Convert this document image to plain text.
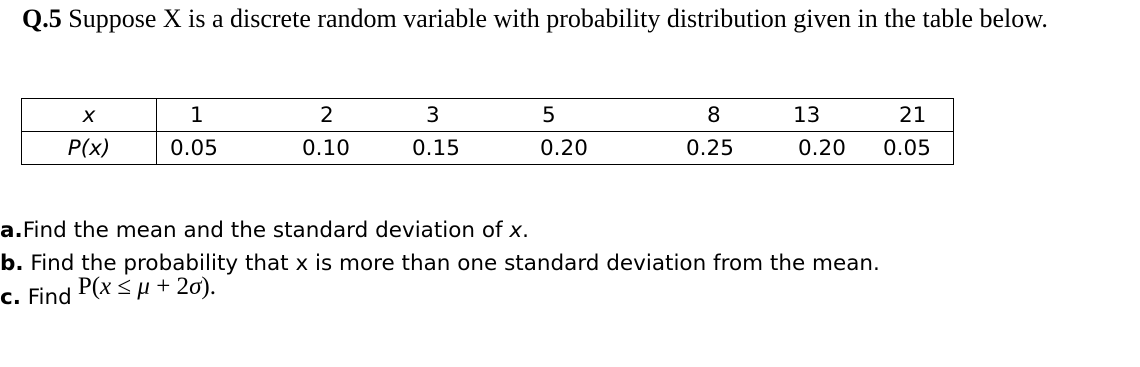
Q.5 Suppose X is a discrete random variable with probability distribution given in the table below.
x	1	2	3	5	8	13	21
P(x)	0.05	0.10	0.15	0.20	0.25	0.20	0.05
a.Find the mean and the standard deviation of x.
b. Find the probability that x is more than one standard deviation from the mean.
c. Find P(x ≤ μ + 2σ).
